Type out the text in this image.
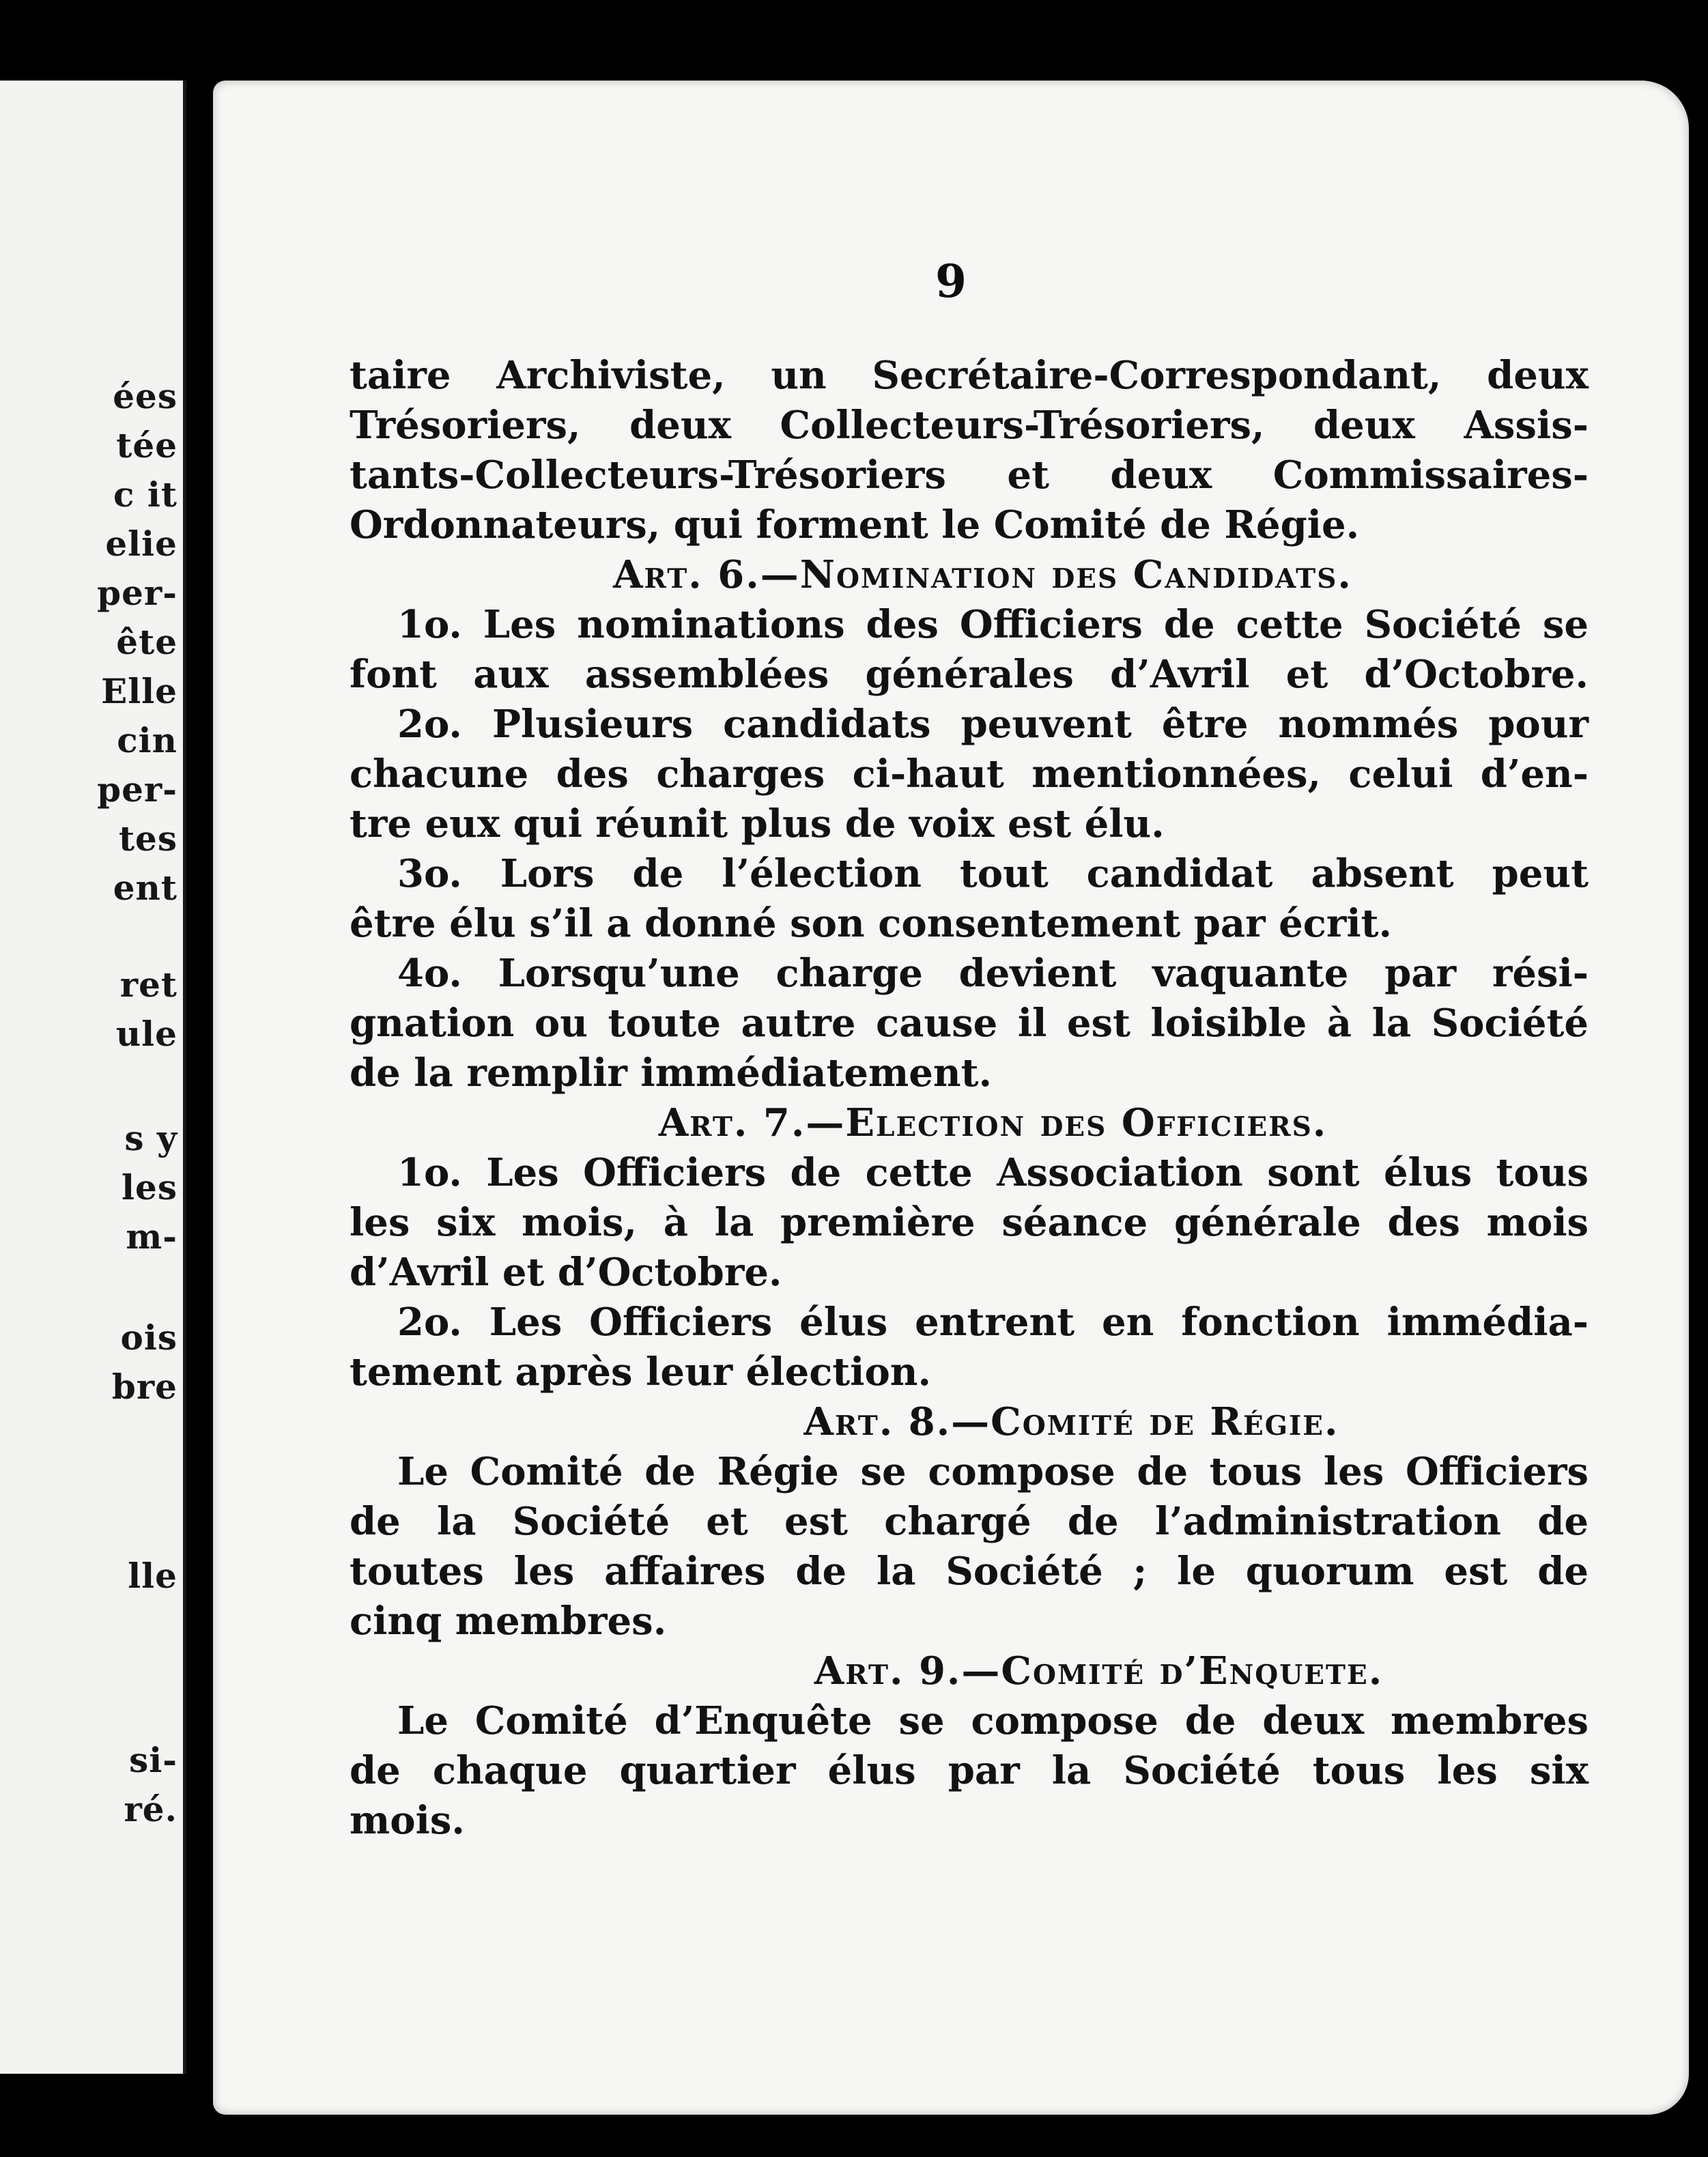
ées
tée
c it
elie
per-
ête
Elle
cin
per-
tes
ent
ret
ule
s y
les
m-
ois
bre
lle
si-
ré.
9
taire Archiviste, un Secrétaire-Correspondant, deux
Trésoriers, deux Collecteurs-Trésoriers, deux Assis-
tants-Collecteurs-Trésoriers et deux Commissaires-
Ordonnateurs, qui forment le Comité de Régie.
Art. 6.—Nomination des Candidats.
1o. Les nominations des Officiers de cette Société se
font aux assemblées générales d’Avril et d’Octobre.
2o. Plusieurs candidats peuvent être nommés pour
chacune des charges ci-haut mentionnées, celui d’en-
tre eux qui réunit plus de voix est élu.
3o. Lors de l’élection tout candidat absent peut
être élu s’il a donné son consentement par écrit.
4o. Lorsqu’une charge devient vaquante par rési-
gnation ou toute autre cause il est loisible à la Société
de la remplir immédiatement.
Art. 7.—Election des Officiers.
1o. Les Officiers de cette Association sont élus tous
les six mois, à la première séance générale des mois
d’Avril et d’Octobre.
2o. Les Officiers élus entrent en fonction immédia-
tement après leur élection.
Art. 8.—Comité de Régie.
Le Comité de Régie se compose de tous les Officiers
de la Société et est chargé de l’administration de
toutes les affaires de la Société ; le quorum est de
cinq membres.
Art. 9.—Comité d’Enquete.
Le Comité d’Enquête se compose de deux membres
de chaque quartier élus par la Société tous les six
mois.
